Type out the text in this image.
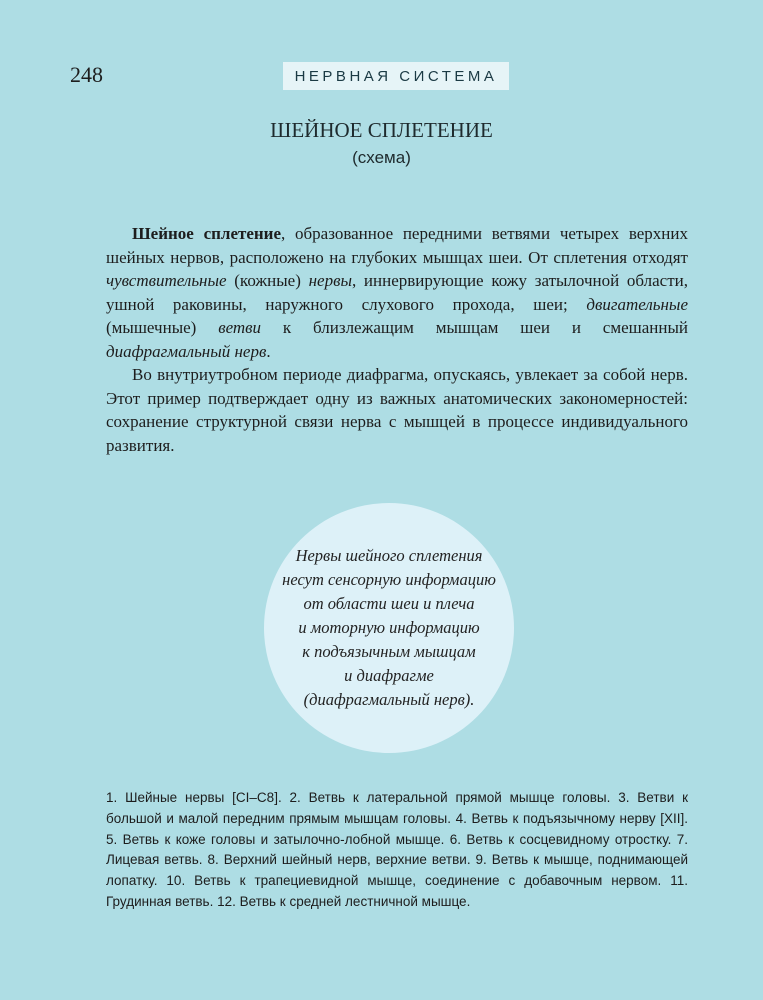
248	НЕРВНАЯ СИСТЕМА
ШЕЙНОЕ СПЛЕТЕНИЕ
(схема)

Шейное сплетение, образованное передними ветвями четырех верхних шейных нервов, расположено на глубоких мышцах шеи. От сплетения отходят чувствительные (кожные) нервы, иннервирующие кожу затылочной области, ушной раковины, наружного слухового прохода, шеи; двигательные (мышечные) ветви к близлежащим мышцам шеи и смешанный диафрагмальный нерв.

Во внутриутробном периоде диафрагма, опускаясь, увлекает за собой нерв. Этот пример подтверждает одну из важных анатомических закономерностей: сохранение структурной связи нерва с мышцей в процессе индивидуального развития.

Нервы шейного сплетения
несут сенсорную информацию
от области шеи и плеча
и моторную информацию
к подъязычным мышцам
и диафрагме
(диафрагмальный нерв).
1. Шейные нервы [CI–C8]. 2. Ветвь к латеральной прямой мышце головы. 3. Ветви к большой и малой передним прямым мышцам головы. 4. Ветвь к подъязычному нерву [XII]. 5. Ветвь к коже головы и затылочно-лобной мышце. 6. Ветвь к сосцевидному отростку. 7. Лицевая ветвь. 8. Верхний шейный нерв, верхние ветви. 9. Ветвь к мышце, поднимающей лопатку. 10. Ветвь к трапециевидной мышце, соединение с добавочным нервом. 11. Грудинная ветвь. 12. Ветвь к средней лестничной мышце.
